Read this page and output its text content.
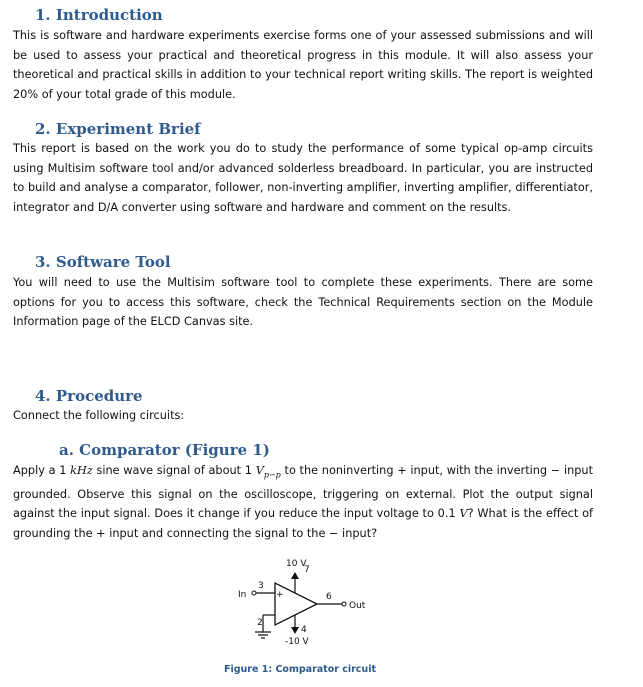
1. Introduction

This is software and hardware experiments exercise forms one of your assessed submissions and will be used to assess your practical and theoretical progress in this module. It will also assess your theoretical and practical skills in addition to your technical report writing skills. The report is weighted 20% of your total grade of this module.

2. Experiment Brief

This report is based on the work you do to study the performance of some typical op-amp circuits using Multisim software tool and/or advanced solderless breadboard. In particular, you are instructed to build and analyse a comparator, follower, non-inverting amplifier, inverting amplifier, differentiator, integrator and D/A converter using software and hardware and comment on the results.

3. Software Tool

You will need to use the Multisim software tool to complete these experiments. There are some options for you to access this software, check the Technical Requirements section on the Module Information page of the ELCD Canvas site.

4. Procedure

Connect the following circuits:

a. Comparator (Figure 1)

Apply a 1 kHz sine wave signal of about 1 $V_{p-p}$ to the noninverting + input, with the inverting − input grounded. Observe this signal on the oscilloscope, triggering on external. Plot the output signal against the input signal. Does it change if you reduce the input voltage to 0.1 V? What is the effect of grounding the + input and connecting the signal to the − input?

10 V
7
3
In	+	6
Out
2
4
-10 V
Figure 1: Comparator circuit
